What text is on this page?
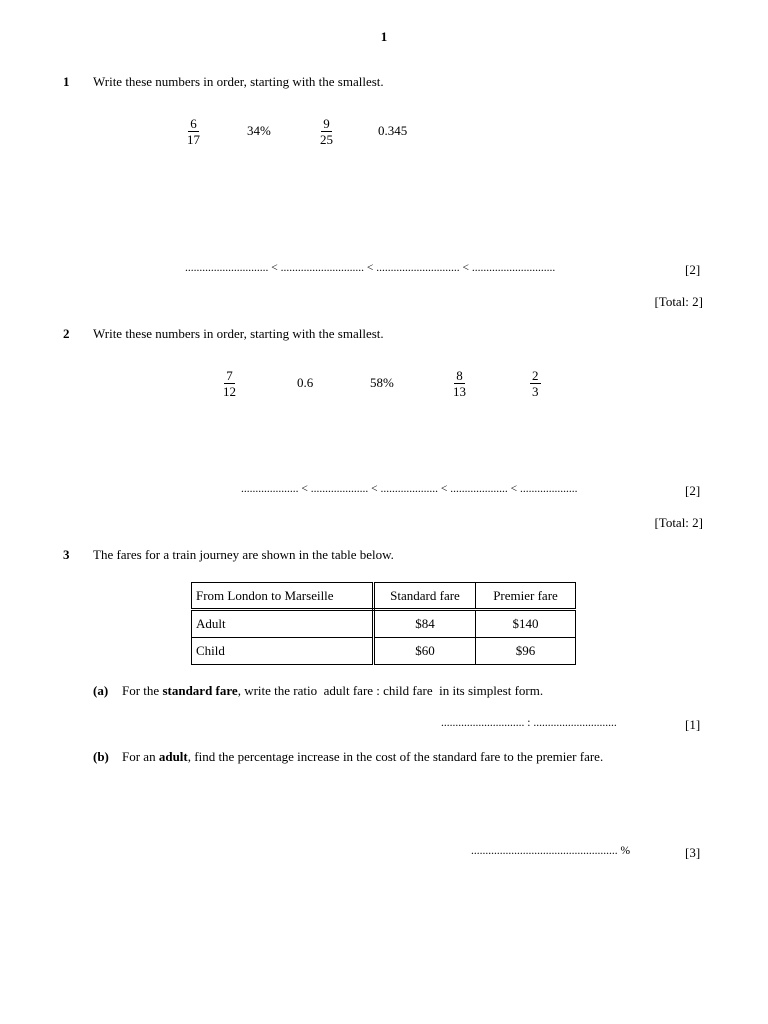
1
1 Write these numbers in order, starting with the smallest.
$\frac{6}{17}$	34%	$\frac{9}{25}$	0.345
............................. < ............................. < ............................. < .............................	[2]
[Total: 2]
2 Write these numbers in order, starting with the smallest.
$\frac{7}{12}$	0.6	58%	$\frac{8}{13}$	$\frac{2}{3}$
.................... < .................... < .................... < .................... < ....................	[2]
[Total: 2]
3 The fares for a train journey are shown in the table below.
From London to Marseille	Standard fare	Premier fare
Adult	$84	$140
Child	$60	$96
(a) For the standard fare, write the ratio  adult fare : child fare  in its simplest form.
............................. : .............................	[1]
(b) For an adult, find the percentage increase in the cost of the standard fare to the premier fare.
................................................... %	[3]
